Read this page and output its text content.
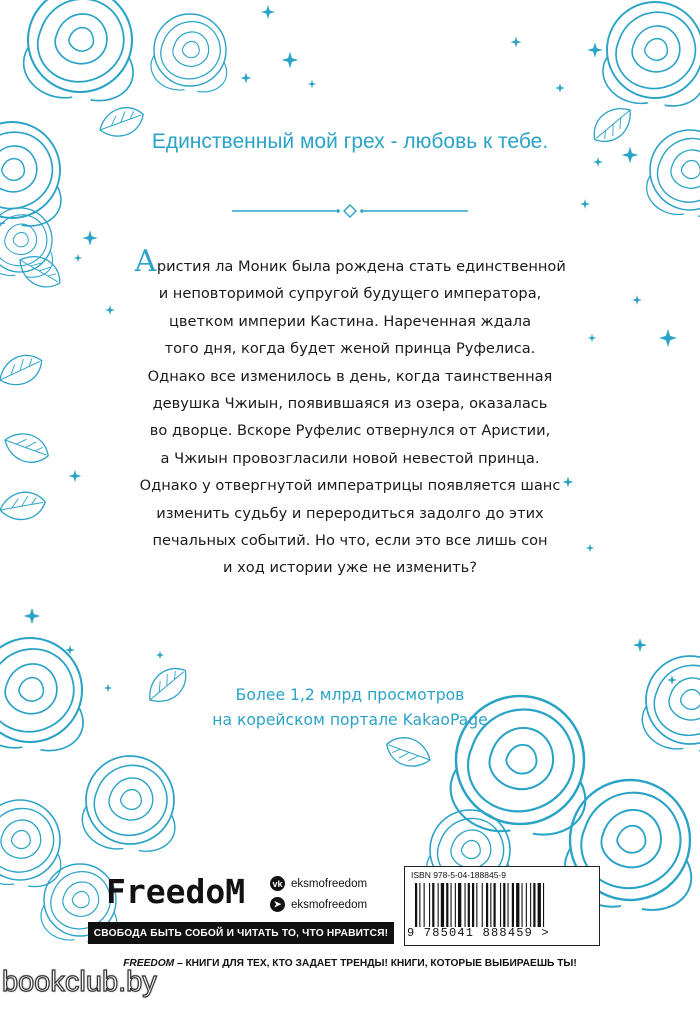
Единственный мой грех - любовь к тебе.

Аристия ла Моник была рождена стать единственной
и неповторимой супругой будущего императора,
цветком империи Кастина. Нареченная ждала
того дня, когда будет женой принца Руфелиса.
Однако все изменилось в день, когда таинственная
девушка Чжиын, появившаяся из озера, оказалась
во дворце. Вскоре Руфелис отвернулся от Аристии,
а Чжиын провозгласили новой невестой принца.
Однако у отвергнутой императрицы появляется шанс
изменить судьбу и переродиться задолго до этих
печальных событий. Но что, если это все лишь сон
и ход истории уже не изменить?

Более 1,2 млрд просмотров
на корейском портале KakaoPage
FreedoM	vk eksmofreedom
➤ eksmofreedom
СВОБОДА БЫТЬ СОБОЙ И ЧИТАТЬ ТО, ЧТО НРАВИТСЯ!
ISBN 978-5-04-188845-9
9 785041 888459 >
FREEDOM – КНИГИ ДЛЯ ТЕХ, КТО ЗАДАЕТ ТРЕНДЫ! КНИГИ, КОТОРЫЕ ВЫБИРАЕШЬ ТЫ!
bookclub.by
